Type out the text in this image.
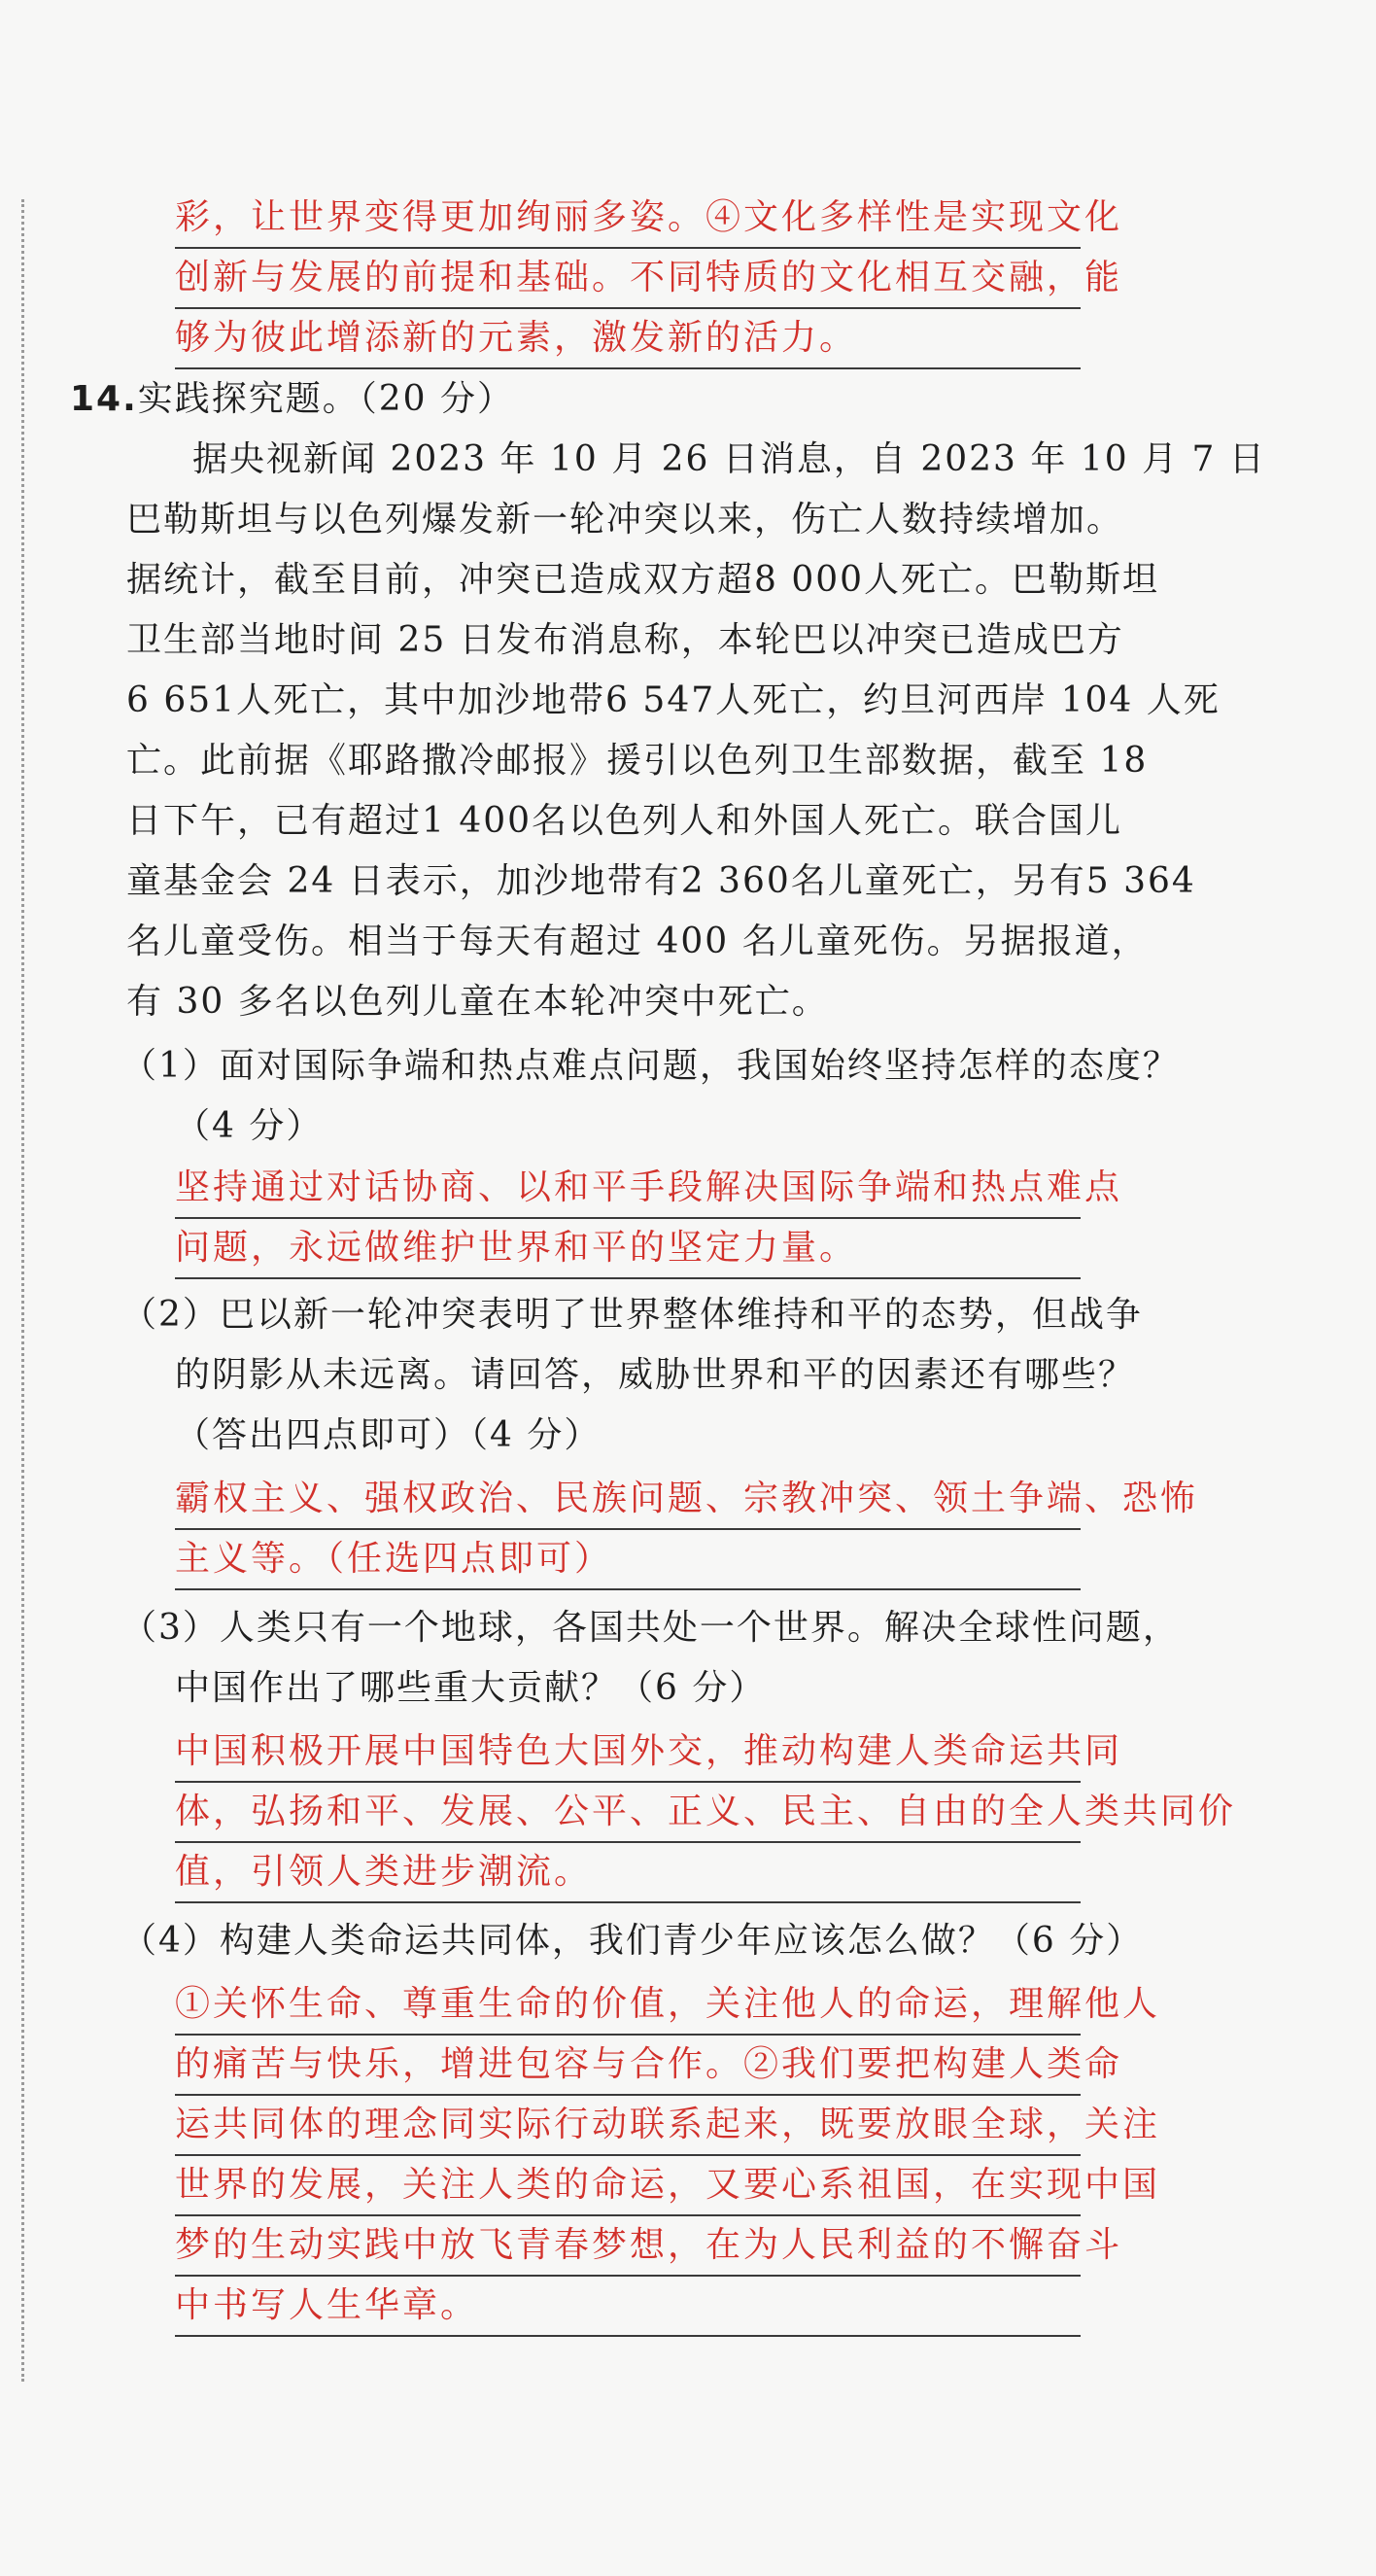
彩，让世界变得更加绚丽多姿。④文化多样性是实现文化
创新与发展的前提和基础。不同特质的文化相互交融，能
够为彼此增添新的元素，激发新的活力。
14.实践探究题。（20 分）
据央视新闻 2023 年 10 月 26 日消息，自 2023 年 10 月 7 日
巴勒斯坦与以色列爆发新一轮冲突以来，伤亡人数持续增加。
据统计，截至目前，冲突已造成双方超8 000人死亡。巴勒斯坦
卫生部当地时间 25 日发布消息称，本轮巴以冲突已造成巴方
6 651人死亡，其中加沙地带6 547人死亡，约旦河西岸 104 人死
亡。此前据《耶路撒冷邮报》援引以色列卫生部数据，截至 18
日下午，已有超过1 400名以色列人和外国人死亡。联合国儿
童基金会 24 日表示，加沙地带有2 360名儿童死亡，另有5 364
名儿童受伤。相当于每天有超过 400 名儿童死伤。另据报道，
有 30 多名以色列儿童在本轮冲突中死亡。
（1）面对国际争端和热点难点问题，我国始终坚持怎样的态度？
（4 分）
坚持通过对话协商、以和平手段解决国际争端和热点难点
问题，永远做维护世界和平的坚定力量。
（2）巴以新一轮冲突表明了世界整体维持和平的态势，但战争
的阴影从未远离。请回答，威胁世界和平的因素还有哪些？
（答出四点即可）（4 分）
霸权主义、强权政治、民族问题、宗教冲突、领土争端、恐怖
主义等。（任选四点即可）
（3）人类只有一个地球，各国共处一个世界。解决全球性问题，
中国作出了哪些重大贡献？（6 分）
中国积极开展中国特色大国外交，推动构建人类命运共同
体，弘扬和平、发展、公平、正义、民主、自由的全人类共同价
值，引领人类进步潮流。
（4）构建人类命运共同体，我们青少年应该怎么做？（6 分）
①关怀生命、尊重生命的价值，关注他人的命运，理解他人
的痛苦与快乐，增进包容与合作。②我们要把构建人类命
运共同体的理念同实际行动联系起来，既要放眼全球，关注
世界的发展，关注人类的命运，又要心系祖国，在实现中国
梦的生动实践中放飞青春梦想，在为人民利益的不懈奋斗
中书写人生华章。
